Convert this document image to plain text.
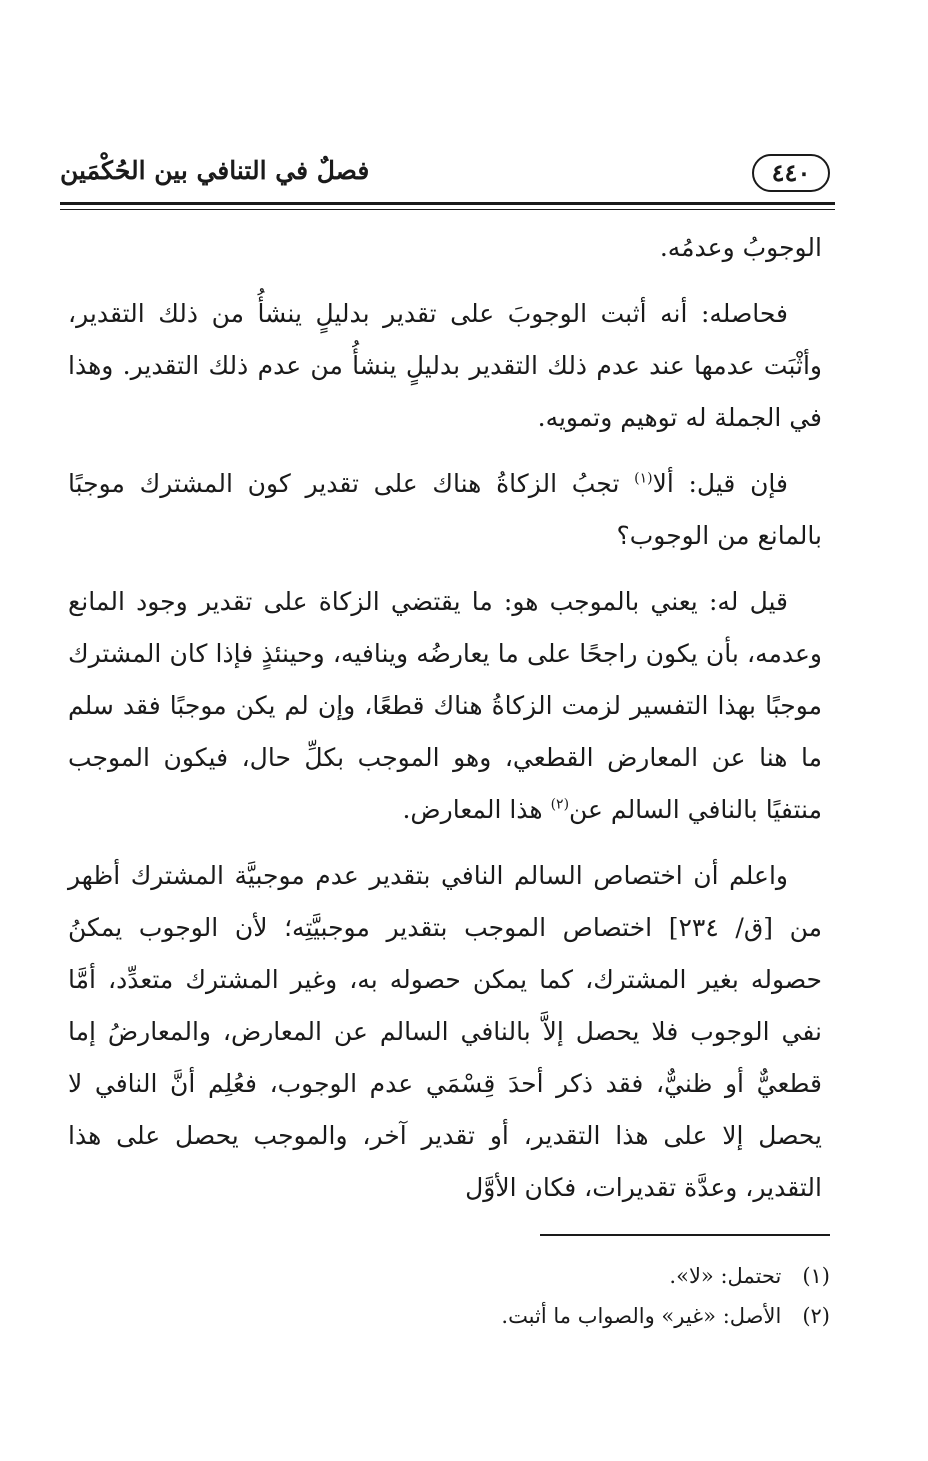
٤٤٠
فصلٌ في التنافي بين الحُكْمَين

الوجوبُ وعدمُه.

فحاصله: أنه أثبت الوجوبَ على تقدير بدليلٍ ينشأُ من ذلك التقدير، وأثْبَت عدمها عند عدم ذلك التقدير بدليلٍ ينشأُ من عدم ذلك التقدير. وهذا في الجملة له توهيم وتمويه.

فإن قيل: ألا$^{(١)}$ تجبُ الزكاةُ هناك على تقدير كون المشترك موجبًا بالمانع من الوجوب؟

قيل له: يعني بالموجب هو: ما يقتضي الزكاة على تقدير وجود المانع وعدمه، بأن يكون راجحًا على ما يعارضُه وينافيه، وحينئذٍ فإذا كان المشترك موجبًا بهذا التفسير لزمت الزكاةُ هناك قطعًا، وإن لم يكن موجبًا فقد سلم ما هنا عن المعارض القطعي، وهو الموجب بكلِّ حال، فيكون الموجب منتفيًا بالنافي السالم عن$^{(٢)}$ هذا المعارض.

واعلم أن اختصاص السالم النافي بتقدير عدم موجبيَّة المشترك أظهر من [ق/ ٢٣٤] اختصاص الموجب بتقدير موجبيَّتِه؛ لأن الوجوب يمكنُ حصوله بغير المشترك، كما يمكن حصوله به، وغير المشترك متعدِّد، أمَّا نفي الوجوب فلا يحصل إلاَّ بالنافي السالم عن المعارض، والمعارضُ إما قطعيٌّ أو ظنيٌّ، فقد ذكر أحدَ قِسْمَي عدم الوجوب، فعُلِم أنَّ النافي لا يحصل إلا على هذا التقدير، أو تقدير آخر، والموجب يحصل على هذا التقدير، وعدَّة تقديرات، فكان الأوَّل

(١) تحتمل: «لا».
(٢) الأصل: «غير» والصواب ما أثبت.
